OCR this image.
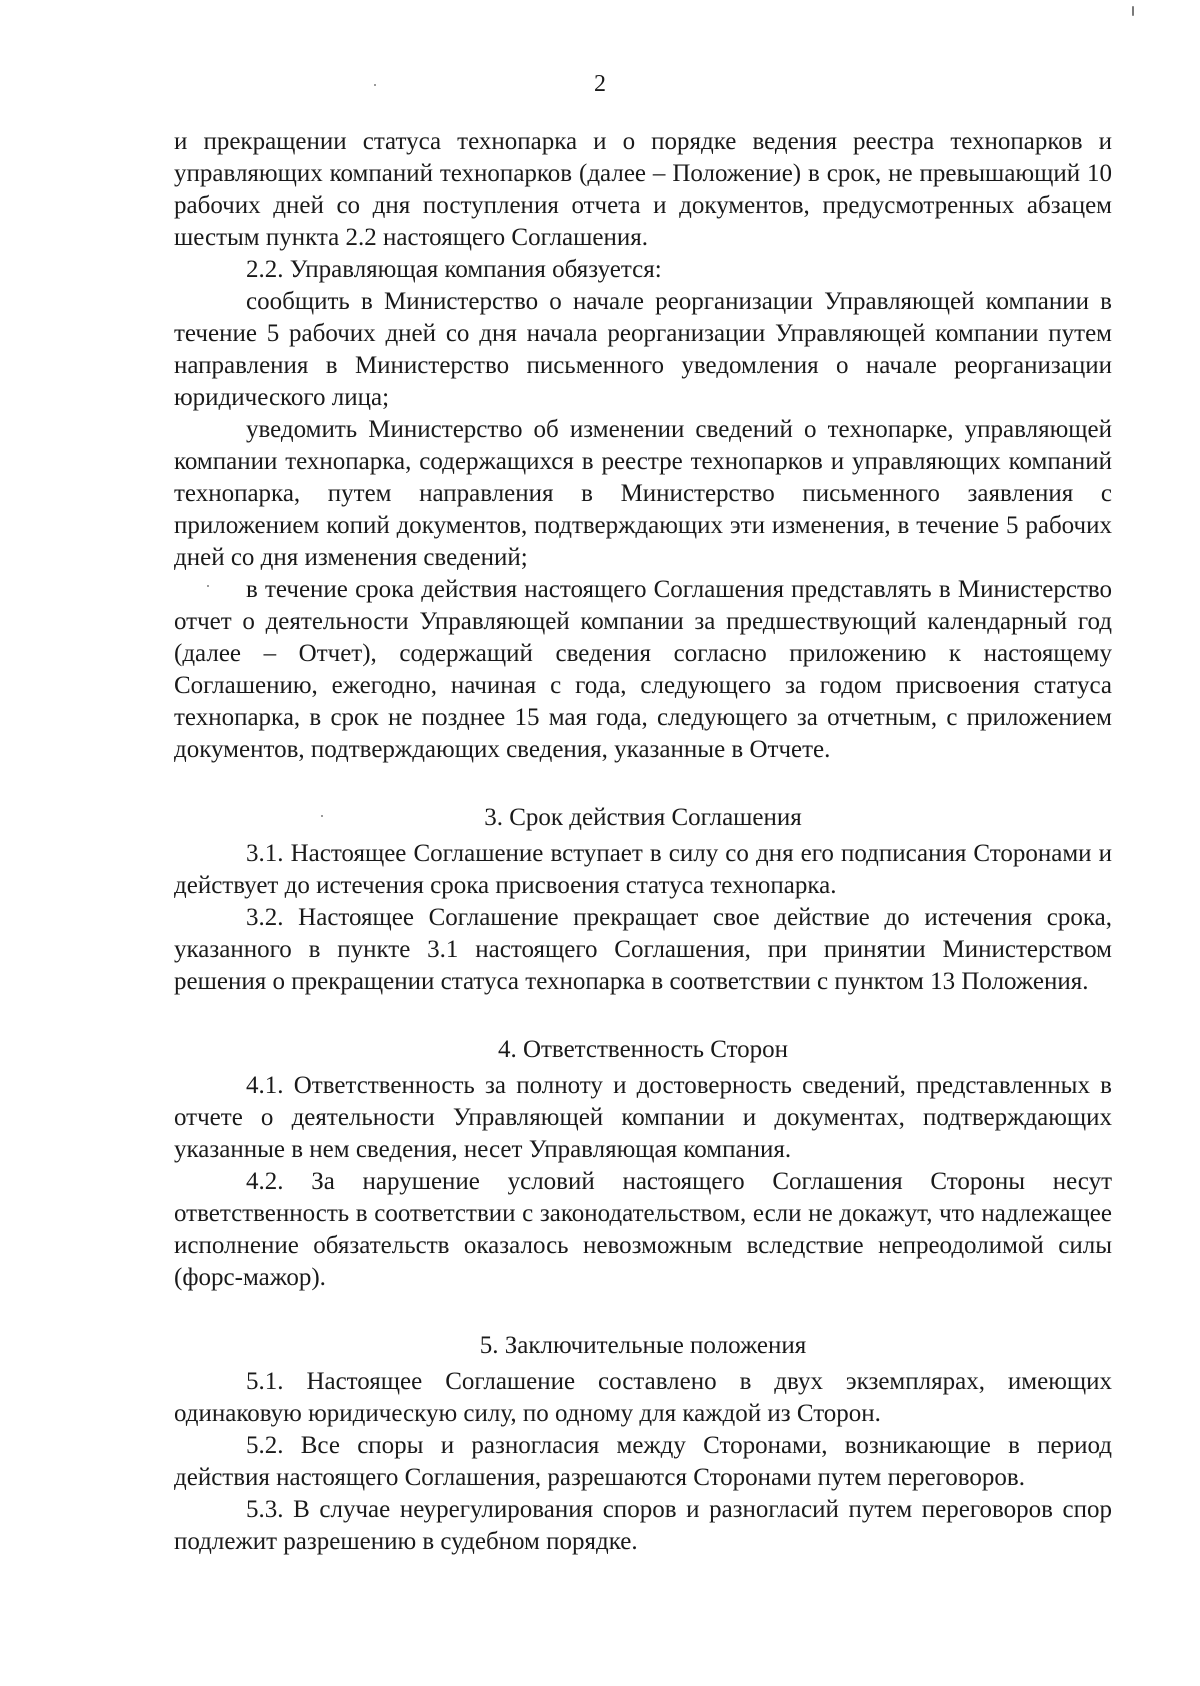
2

и прекращении статуса технопарка и о порядке ведения реестра технопарков и управляющих компаний технопарков (далее – Положение) в срок, не превышающий 10 рабочих дней со дня поступления отчета и документов, предусмотренных абзацем шестым пункта 2.2 настоящего Соглашения.

2.2. Управляющая компания обязуется:

сообщить в Министерство о начале реорганизации Управляющей компании в течение 5 рабочих дней со дня начала реорганизации Управляющей компании путем направления в Министерство письменного уведомления о начале реорганизации юридического лица;

уведомить Министерство об изменении сведений о технопарке, управляющей компании технопарка, содержащихся в реестре технопарков и управляющих компаний технопарка, путем направления в Министерство письменного заявления с приложением копий документов, подтверждающих эти изменения, в течение 5 рабочих дней со дня изменения сведений;

в течение срока действия настоящего Соглашения представлять в Министерство отчет о деятельности Управляющей компании за предшествующий календарный год (далее – Отчет), содержащий сведения согласно приложению к настоящему Соглашению, ежегодно, начиная с года, следующего за годом присвоения статуса технопарка, в срок не позднее 15 мая года, следующего за отчетным, с приложением документов, подтверждающих сведения, указанные в Отчете.

3. Срок действия Соглашения

3.1. Настоящее Соглашение вступает в силу со дня его подписания Сторонами и действует до истечения срока присвоения статуса технопарка.

3.2. Настоящее Соглашение прекращает свое действие до истечения срока, указанного в пункте 3.1 настоящего Соглашения, при принятии Министерством решения о прекращении статуса технопарка в соответствии с пунктом 13 Положения.

4. Ответственность Сторон

4.1. Ответственность за полноту и достоверность сведений, представленных в отчете о деятельности Управляющей компании и документах, подтверждающих указанные в нем сведения, несет Управляющая компания.

4.2. За нарушение условий настоящего Соглашения Стороны несут ответственность в соответствии с законодательством, если не докажут, что надлежащее исполнение обязательств оказалось невозможным вследствие непреодолимой силы (форс-мажор).

5. Заключительные положения

5.1. Настоящее Соглашение составлено в двух экземплярах, имеющих одинаковую юридическую силу, по одному для каждой из Сторон.

5.2. Все споры и разногласия между Сторонами, возникающие в период действия настоящего Соглашения, разрешаются Сторонами путем переговоров.

5.3. В случае неурегулирования споров и разногласий путем переговоров спор подлежит разрешению в судебном порядке.
